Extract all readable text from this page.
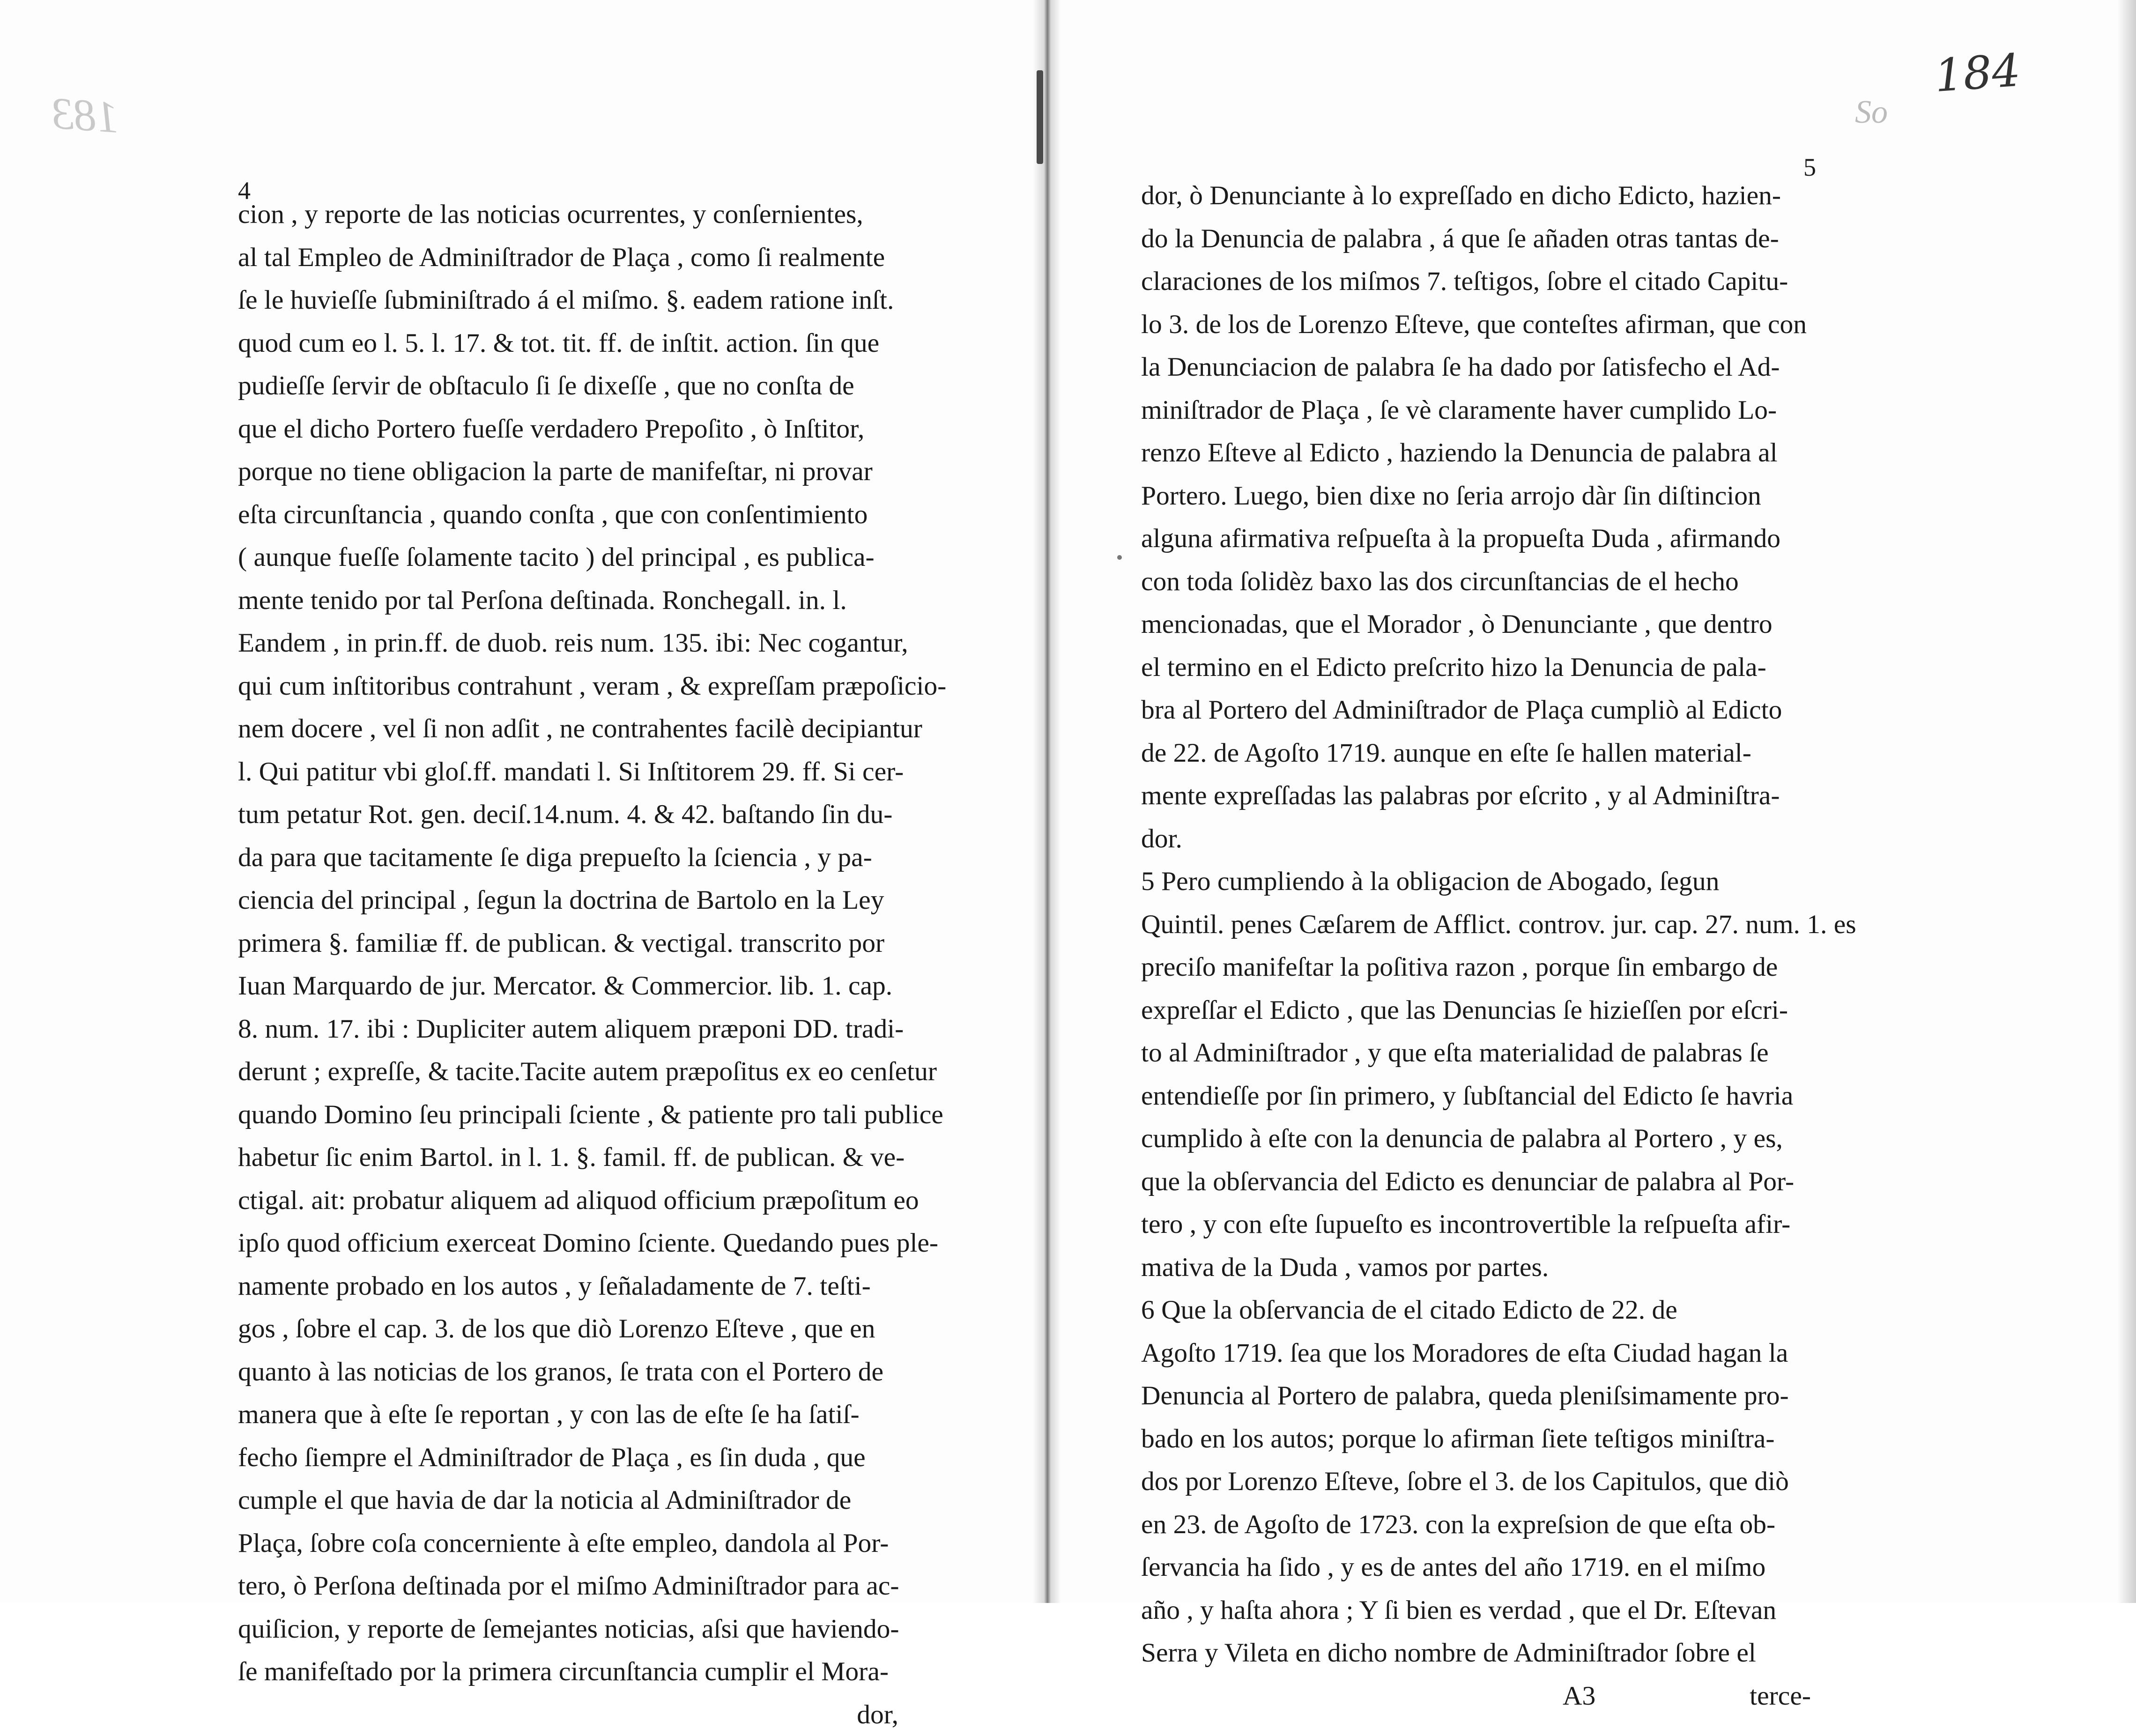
183
184
So
4
5
cion , y reporte de las noticias ocurrentes, y conſernientes,
al tal Empleo de Adminiſtrador de Plaça , como ſi realmente
ſe le huvieſſe ſubminiſtrado á el miſmo. §. eadem ratione inſt.
quod cum eo l. 5. l. 17. & tot. tit. ff. de inſtit. action. ſin que
pudieſſe ſervir de obſtaculo ſi ſe dixeſſe , que no conſta de
que el dicho Portero fueſſe verdadero Prepoſito , ò Inſtitor,
porque no tiene obligacion la parte de manifeſtar, ni provar
eſta circunſtancia , quando conſta , que con conſentimiento
( aunque fueſſe ſolamente tacito ) del principal , es publica-
mente tenido por tal Perſona deſtinada. Ronchegall. in. l.
Eandem , in prin.ff. de duob. reis num. 135. ibi: Nec cogantur,
qui cum inſtitoribus contrahunt , veram , & expreſſam præpoſicio-
nem docere , vel ſi non adſit , ne contrahentes facilè decipiantur
l. Qui patitur vbi gloſ.ff. mandati l. Si Inſtitorem 29. ff. Si cer-
tum petatur Rot. gen. deciſ.14.num. 4. & 42. baſtando ſin du-
da para que tacitamente ſe diga prepueſto la ſciencia , y pa-
ciencia del principal , ſegun la doctrina de Bartolo en la Ley
primera §. familiæ ff. de publican. & vectigal. transcrito por
Iuan Marquardo de jur. Mercator. & Commercior. lib. 1. cap.
8. num. 17. ibi : Dupliciter autem aliquem præponi DD. tradi-
derunt ; expreſſe, & tacite.Tacite autem præpoſitus ex eo cenſetur
quando Domino ſeu principali ſciente , & patiente pro tali publice
habetur ſic enim Bartol. in l. 1. §. famil. ff. de publican. & ve-
ctigal. ait: probatur aliquem ad aliquod officium præpoſitum eo
ipſo quod officium exerceat Domino ſciente. Quedando pues ple-
namente probado en los autos , y ſeñaladamente de 7. teſti-
gos , ſobre el cap. 3. de los que diò Lorenzo Eſteve , que en
quanto à las noticias de los granos, ſe trata con el Portero de
manera que à eſte ſe reportan , y con las de eſte ſe ha ſatiſ-
fecho ſiempre el Adminiſtrador de Plaça , es ſin duda , que
cumple el que havia de dar la noticia al Adminiſtrador de
Plaça, ſobre coſa concerniente à eſte empleo, dandola al Por-
tero, ò Perſona deſtinada por el miſmo Adminiſtrador para ac-
quiſicion, y reporte de ſemejantes noticias, aſsi que haviendo-
ſe manifeſtado por la primera circunſtancia cumplir el Mora-
dor,
dor, ò Denunciante à lo expreſſado en dicho Edicto, hazien-
do la Denuncia de palabra , á que ſe añaden otras tantas de-
claraciones de los miſmos 7. teſtigos, ſobre el citado Capitu-
lo 3. de los de Lorenzo Eſteve, que conteſtes afirman, que con
la Denunciacion de palabra ſe ha dado por ſatisfecho el Ad-
miniſtrador de Plaça , ſe vè claramente haver cumplido Lo-
renzo Eſteve al Edicto , haziendo la Denuncia de palabra al
Portero. Luego, bien dixe no ſeria arrojo dàr ſin diſtincion
alguna afirmativa reſpueſta à la propueſta Duda , afirmando
con toda ſolidèz baxo las dos circunſtancias de el hecho
mencionadas, que el Morador , ò Denunciante , que dentro
el termino en el Edicto preſcrito hizo la Denuncia de pala-
bra al Portero del Adminiſtrador de Plaça cumpliò al Edicto
de 22. de Agoſto 1719. aunque en eſte ſe hallen material-
mente expreſſadas las palabras por eſcrito , y al Adminiſtra-
dor.
5 Pero cumpliendo à la obligacion de Abogado, ſegun
Quintil. penes Cæſarem de Afflict. controv. jur. cap. 27. num. 1. es
preciſo manifeſtar la poſitiva razon , porque ſin embargo de
expreſſar el Edicto , que las Denuncias ſe hizieſſen por eſcri-
to al Adminiſtrador , y que eſta materialidad de palabras ſe
entendieſſe por ſin primero, y ſubſtancial del Edicto ſe havria
cumplido à eſte con la denuncia de palabra al Portero , y es,
que la obſervancia del Edicto es denunciar de palabra al Por-
tero , y con eſte ſupueſto es incontrovertible la reſpueſta afir-
mativa de la Duda , vamos por partes.
6 Que la obſervancia de el citado Edicto de 22. de
Agoſto 1719. ſea que los Moradores de eſta Ciudad hagan la
Denuncia al Portero de palabra, queda pleniſsimamente pro-
bado en los autos; porque lo afirman ſiete teſtigos miniſtra-
dos por Lorenzo Eſteve, ſobre el 3. de los Capitulos, que diò
en 23. de Agoſto de 1723. con la expreſsion de que eſta ob-
ſervancia ha ſido , y es de antes del año 1719. en el miſmo
año , y haſta ahora ; Y ſi bien es verdad , que el Dr. Eſtevan
Serra y Vileta en dicho nombre de Adminiſtrador ſobre el
A3	terce-
